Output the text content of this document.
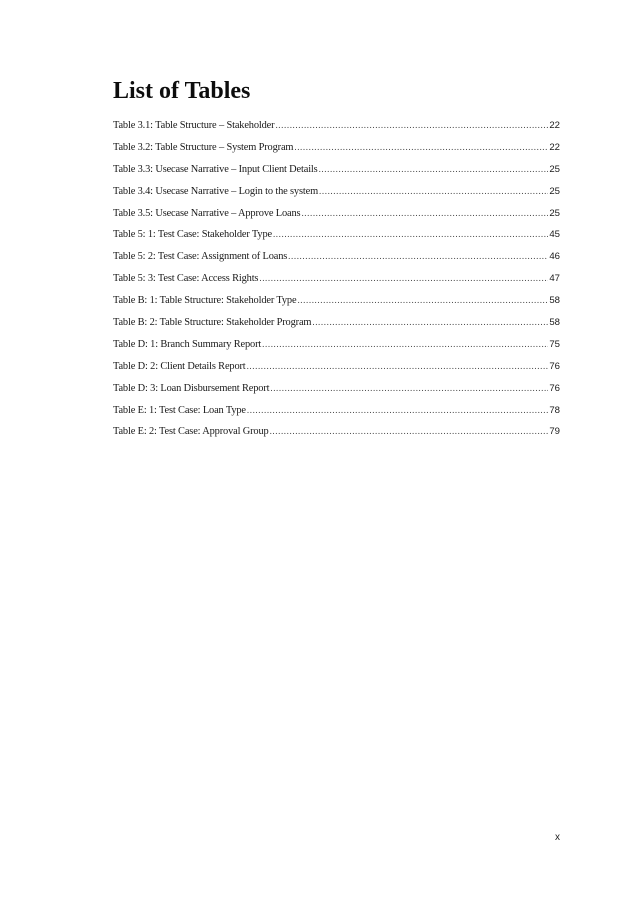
List of Tables
Table 3.1: Table Structure – Stakeholder .....	22
Table 3.2: Table Structure – System Program .....	22
Table 3.3: Usecase Narrative – Input Client Details .....	25
Table 3.4: Usecase Narrative – Login to the system .....	25
Table 3.5: Usecase Narrative – Approve Loans .....	25
Table 5: 1: Test Case: Stakeholder Type .....	45
Table 5: 2: Test Case: Assignment of Loans .....	46
Table 5: 3: Test Case: Access Rights .....	47
Table B: 1: Table Structure: Stakeholder Type .....	58
Table B: 2: Table Structure: Stakeholder Program .....	58
Table D: 1: Branch Summary Report .....	75
Table D: 2: Client Details Report .....	76
Table D: 3: Loan Disbursement Report .....	76
Table E: 1: Test Case: Loan Type .....	78
Table E: 2: Test Case: Approval Group .....	79
x
